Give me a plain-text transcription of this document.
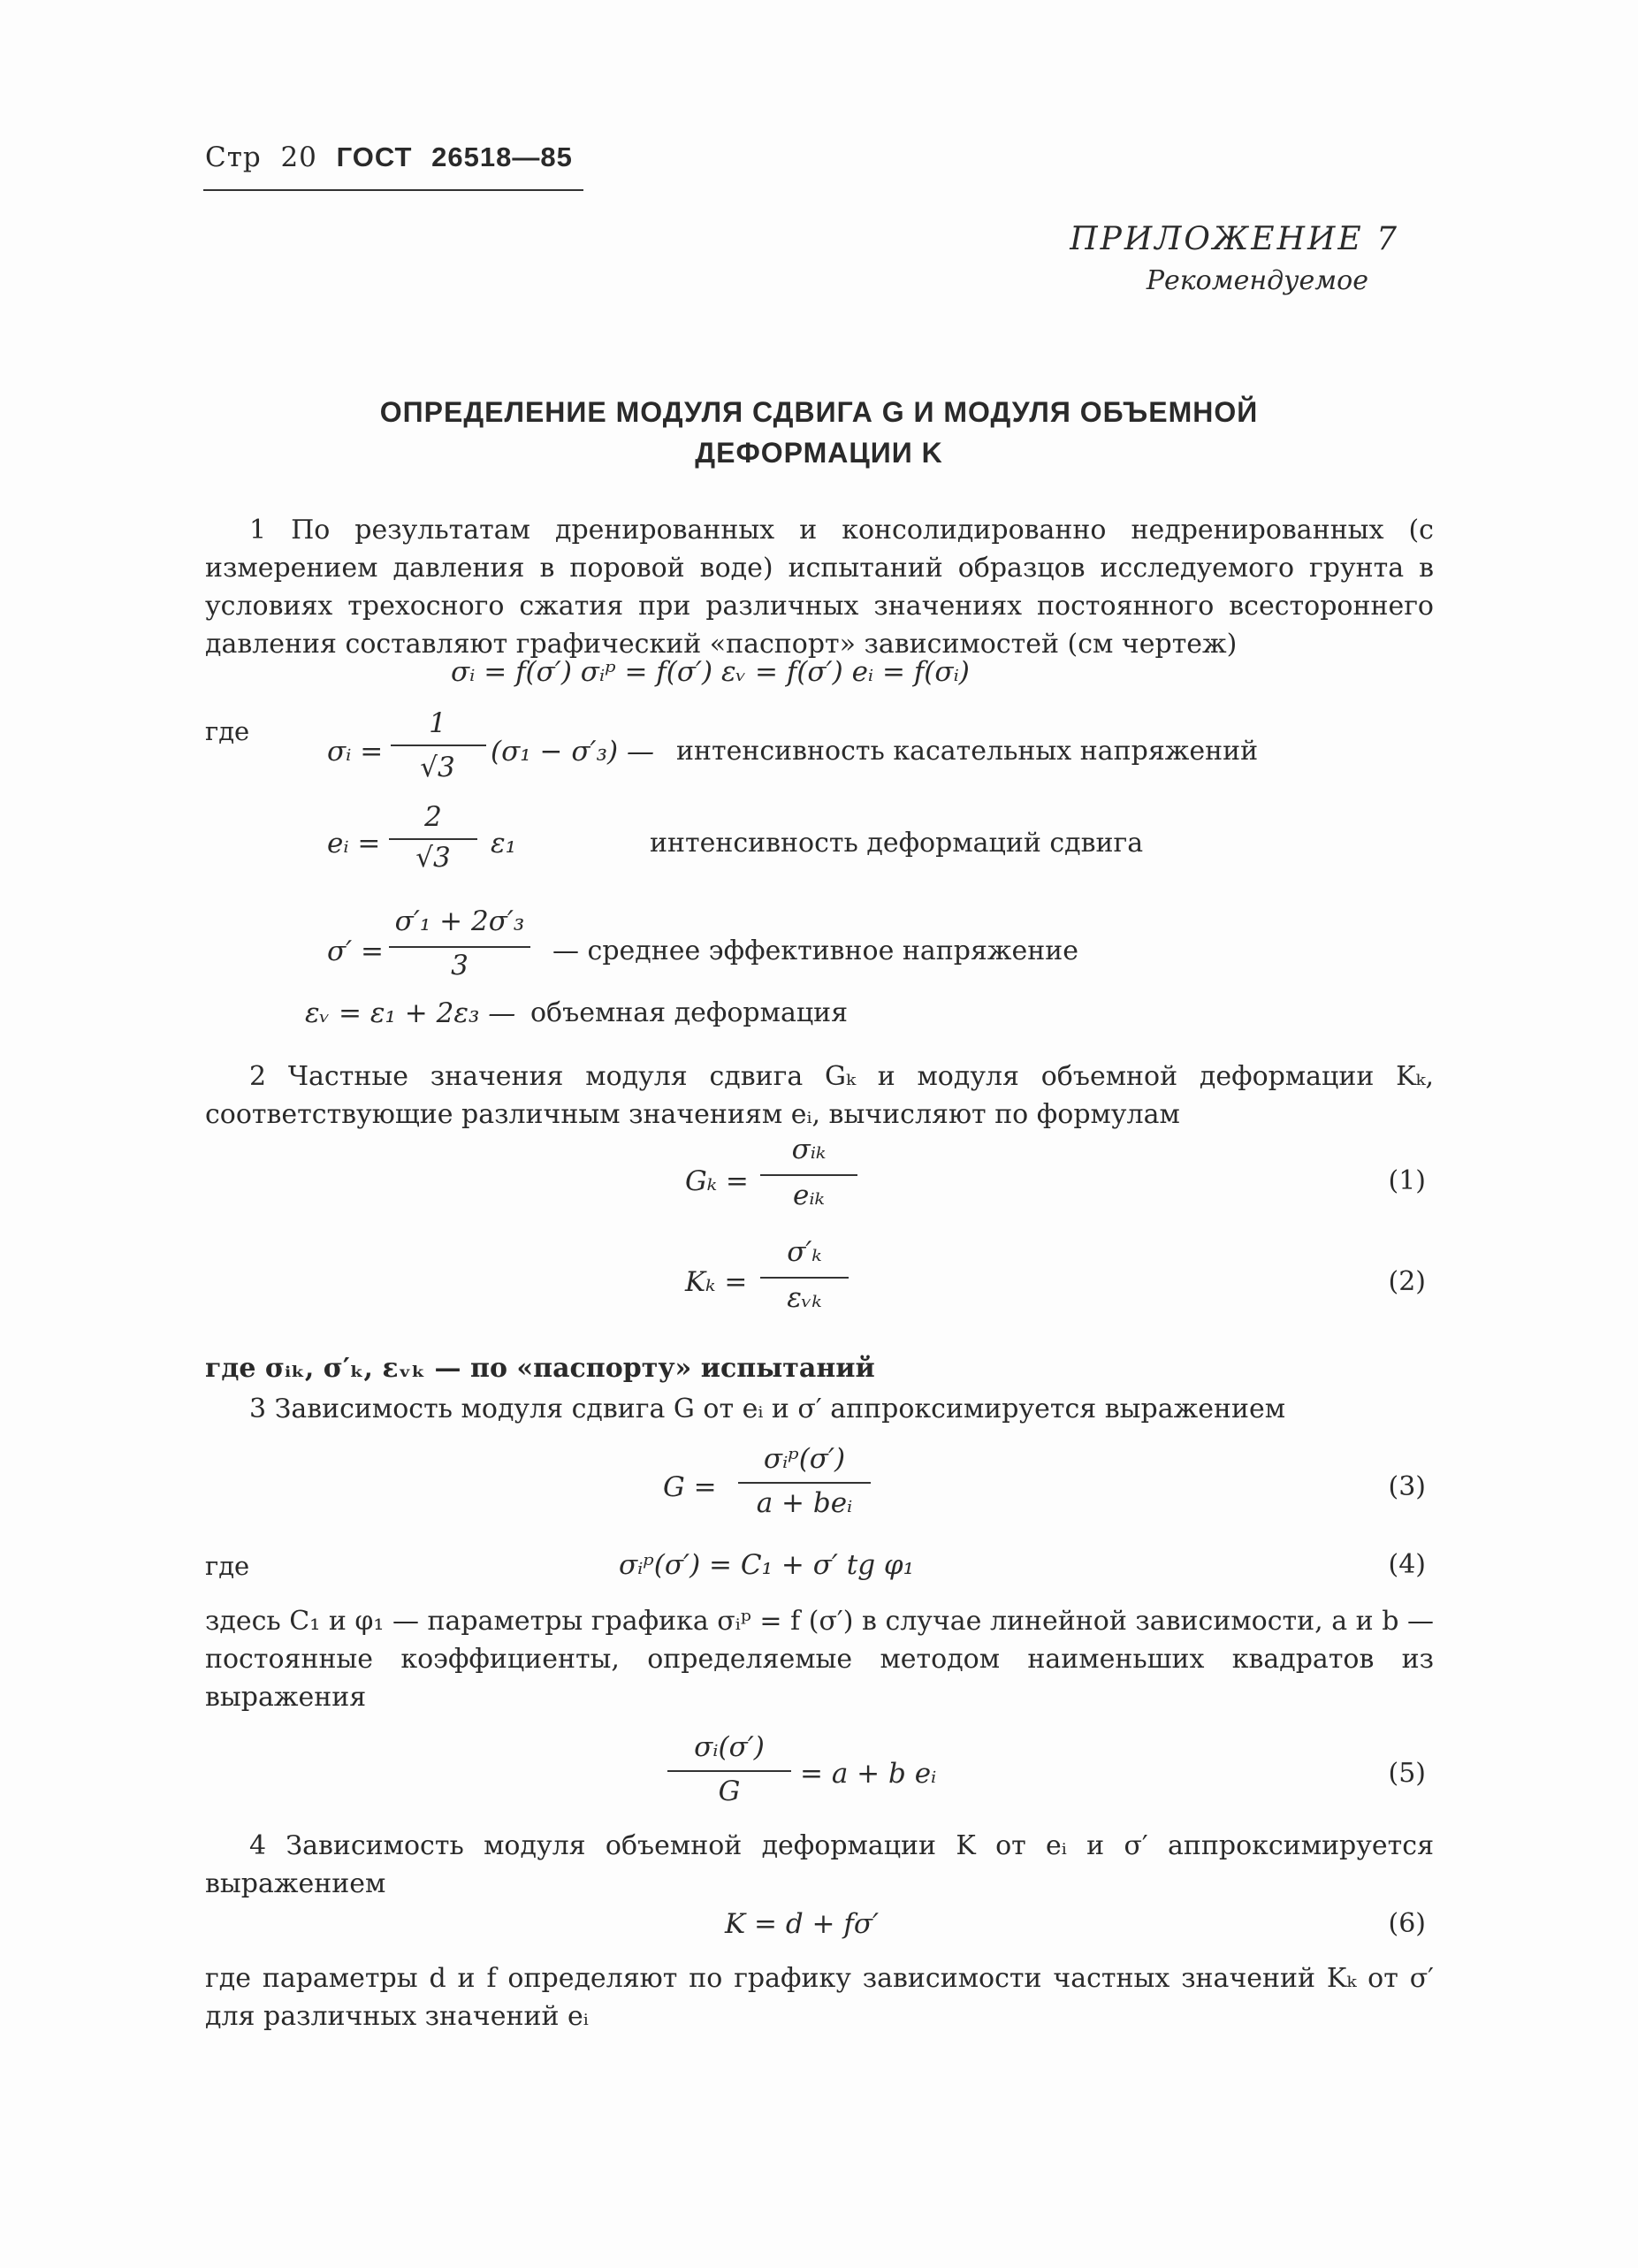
Стр 20 ГОСТ 26518—85
ПРИЛОЖЕНИЕ 7
Рекомендуемое
ОПРЕДЕЛЕНИЕ МОДУЛЯ СДВИГА G И МОДУЛЯ ОБЪЕМНОЙ
ДЕФОРМАЦИИ K
1 По результатам дренированных и консолидированно недренированных (с измерением давления в поровой воде) испытаний образцов исследуемого грунта в условиях трехосного сжатия при различных значениях постоянного всестороннего давления составляют графический «паспорт» зависимостей (см чертеж)
σᵢ = f(σ′) σᵢᵖ = f(σ′) εᵥ = f(σ′) eᵢ = f(σᵢ)
где
σᵢ =
1
√3	(σ₁ − σ′₃) — интенсивность касательных напряжений
eᵢ =
2
√3	ε₁	интенсивность деформаций сдвига
σ′ =
σ′₁ + 2σ′₃
3	— среднее эффективное напряжение
εᵥ = ε₁ + 2ε₃ — объемная деформация
2 Частные значения модуля сдвига Gₖ и модуля объемной деформации Kₖ, соответствующие различным значениям eᵢ, вычисляют по формулам
Gₖ =
σᵢₖ
eᵢₖ	(1)
Kₖ =
σ′ₖ
εᵥₖ
(2)
где σᵢₖ, σ′ₖ, εᵥₖ — по «паспорту» испытаний
3 Зависимость модуля сдвига G от eᵢ и σ′ аппроксимируется выражением
G =
σᵢᵖ(σ′)
a + beᵢ
(3)
где	σᵢᵖ(σ′) = C₁ + σ′ tg φ₁	(4)
здесь C₁ и φ₁ — параметры графика σᵢᵖ = f (σ′) в случае линейной зависимости, a и b — постоянные коэффициенты, определяемые методом наименьших квадратов из выражения
σᵢ(σ′)
G
= a + b eᵢ	(5)
4 Зависимость модуля объемной деформации K от eᵢ и σ′ аппроксимируется выражением
K = d + fσ′	(6)
где параметры d и f определяют по графику зависимости частных значений Kₖ от σ′ для различных значений eᵢ
